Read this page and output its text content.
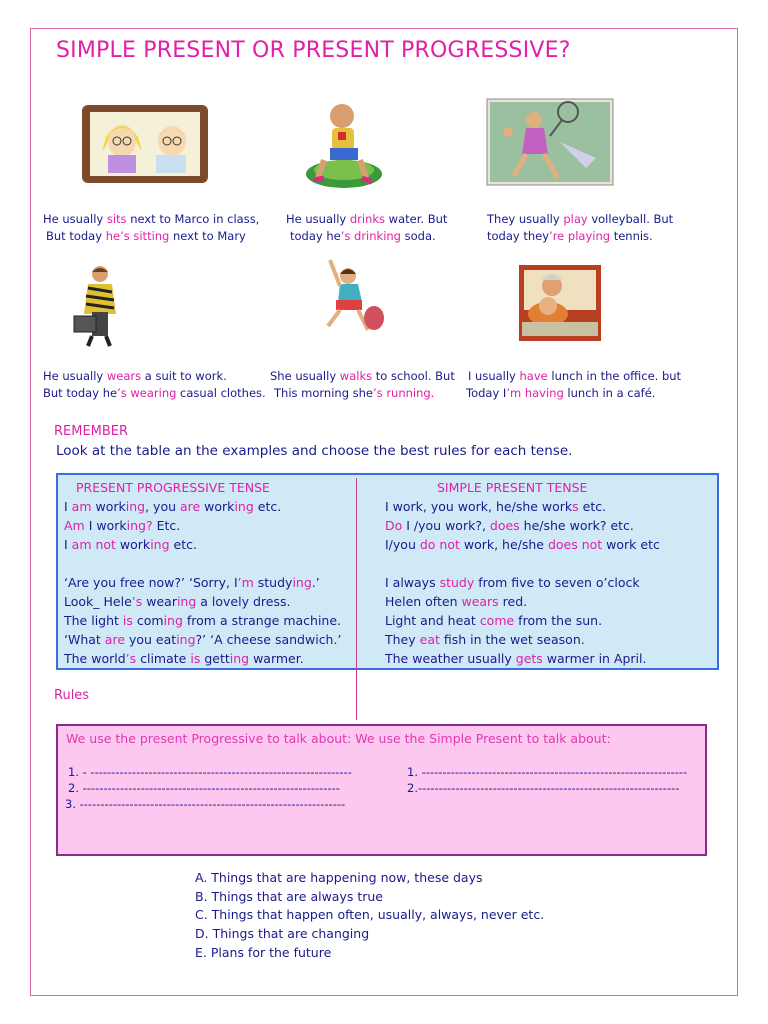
SIMPLE PRESENT OR PRESENT PROGRESSIVE?
He usually sits next to Marco in class,
But today he’s sitting next to Mary
He usually drinks water. But
today he’s drinking soda.
They usually play volleyball. But
today they’re playing tennis.
He usually wears a suit to work.
But today he’s wearing casual clothes.
She usually walks to school. But
This morning she’s running.
I usually have lunch in the office. but
Today I’m having lunch in a café.
REMEMBER
Look at the table an the examples and choose the best rules for each tense.
PRESENT PROGRESSIVE TENSE	SIMPLE PRESENT TENSE
I am working, you are working etc.
Am I working? Etc.
I am not working etc.

‘Are you free now?’ ‘Sorry, I’m studying.’
Look_ Hele’s wearing a lovely dress.
The light is coming from a strange machine.
‘What are you eating?’ ‘A cheese sandwich.’
The world’s climate is getting warmer.
I work, you work, he/she works etc.
Do I /you work?, does he/she work? etc.
I/you do not work, he/she does not work etc

I always study from five to seven o’clock
Helen often wears red.
Light and heat come from the sun.
They eat fish in the wet season.
The weather usually gets warmer in April.
Rules
We use the present Progressive to talk about: We use the Simple Present to talk about:
1. - ---------------------------------------------------------------
2. --------------------------------------------------------------
3. ----------------------------------------------------------------
1. ----------------------------------------------------------------
2.---------------------------------------------------------------
A. Things that are happening now, these days
B. Things that are always true
C. Things that happen often, usually, always, never etc.
D. Things that are changing
E. Plans for the future
